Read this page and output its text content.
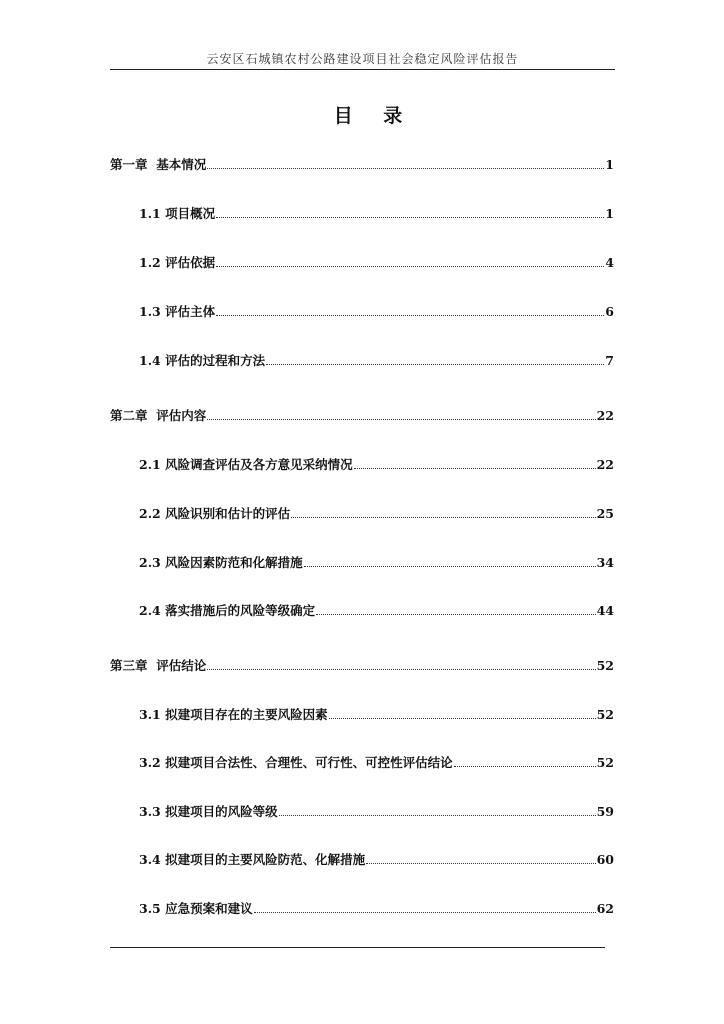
云安区石城镇农村公路建设项目社会稳定风险评估报告
目 录
第一章 基本情况	1
1.1 项目概况	1
1.2 评估依据	4
1.3 评估主体	6
1.4 评估的过程和方法	7
第二章 评估内容	22
2.1 风险调查评估及各方意见采纳情况	22
2.2 风险识别和估计的评估	25
2.3 风险因素防范和化解措施	34
2.4 落实措施后的风险等级确定	44
第三章 评估结论	52
3.1 拟建项目存在的主要风险因素	52
3.2 拟建项目合法性、合理性、可行性、可控性评估结论	52
3.3 拟建项目的风险等级	59
3.4 拟建项目的主要风险防范、化解措施	60
3.5 应急预案和建议	62
